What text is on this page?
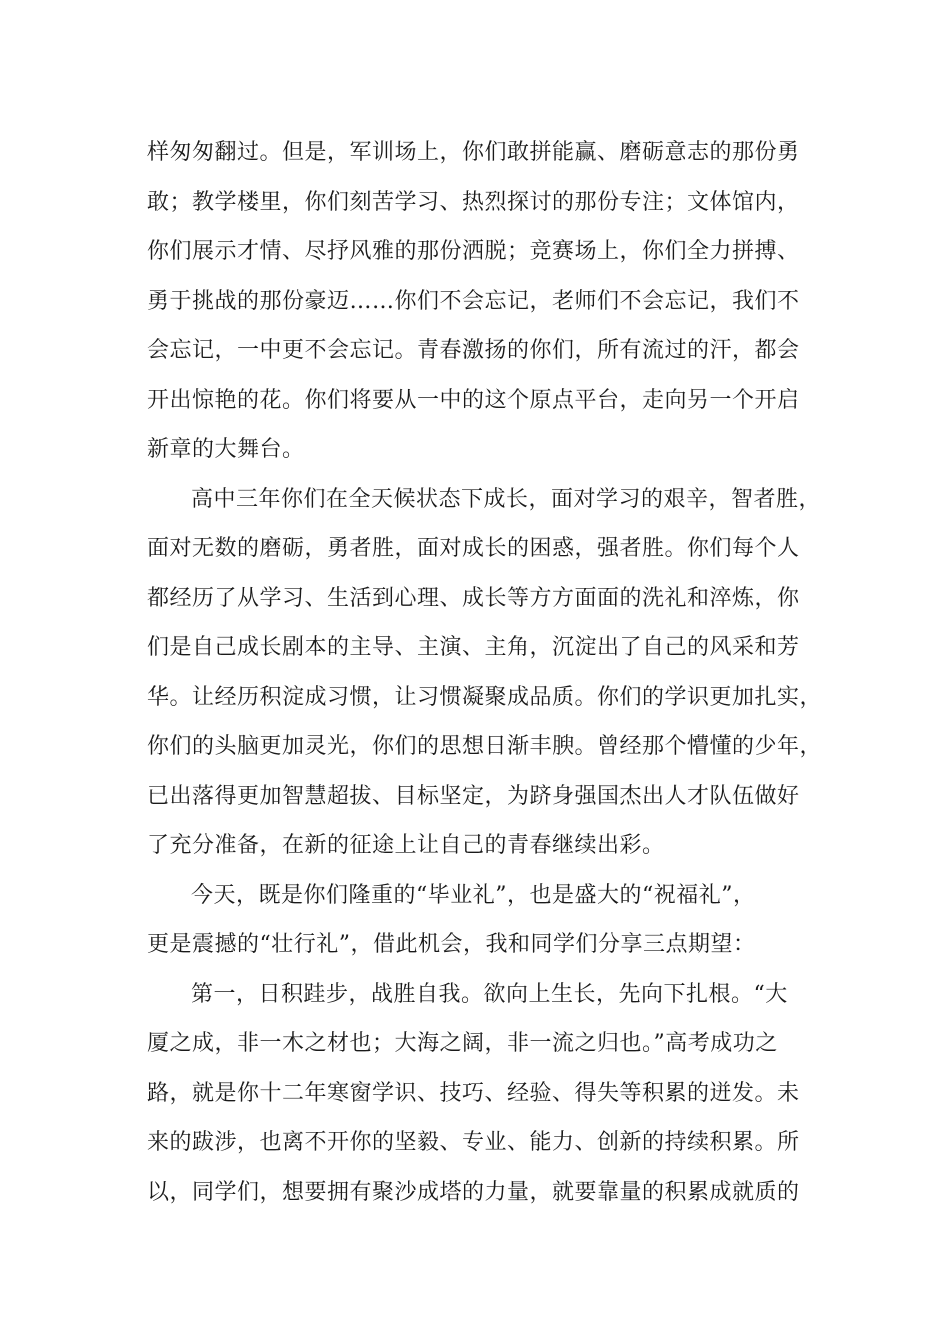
样匆匆翻过。但是，军训场上，你们敢拼能赢、磨砺意志的那份勇
敢；教学楼里，你们刻苦学习、热烈探讨的那份专注；文体馆内，
你们展示才情、尽抒风雅的那份洒脱；竞赛场上，你们全力拼搏、
勇于挑战的那份豪迈……你们不会忘记，老师们不会忘记，我们不
会忘记，一中更不会忘记。青春激扬的你们，所有流过的汗，都会
开出惊艳的花。你们将要从一中的这个原点平台，走向另一个开启
新章的大舞台。
高中三年你们在全天候状态下成长，面对学习的艰辛，智者胜，
面对无数的磨砺，勇者胜，面对成长的困惑，强者胜。你们每个人
都经历了从学习、生活到心理、成长等方方面面的洗礼和淬炼，你
们是自己成长剧本的主导、主演、主角，沉淀出了自己的风采和芳
华。让经历积淀成习惯，让习惯凝聚成品质。你们的学识更加扎实，
你们的头脑更加灵光，你们的思想日渐丰腴。曾经那个懵懂的少年，
已出落得更加智慧超拔、目标坚定，为跻身强国杰出人才队伍做好
了充分准备，在新的征途上让自己的青春继续出彩。
今天，既是你们隆重的“毕业礼”，也是盛大的“祝福礼”，
更是震撼的“壮行礼”，借此机会，我和同学们分享三点期望：
第一，日积跬步，战胜自我。欲向上生长，先向下扎根。“大
厦之成，非一木之材也；大海之阔，非一流之归也。”高考成功之
路，就是你十二年寒窗学识、技巧、经验、得失等积累的迸发。未
来的跋涉，也离不开你的坚毅、专业、能力、创新的持续积累。所
以，同学们，想要拥有聚沙成塔的力量，就要靠量的积累成就质的
